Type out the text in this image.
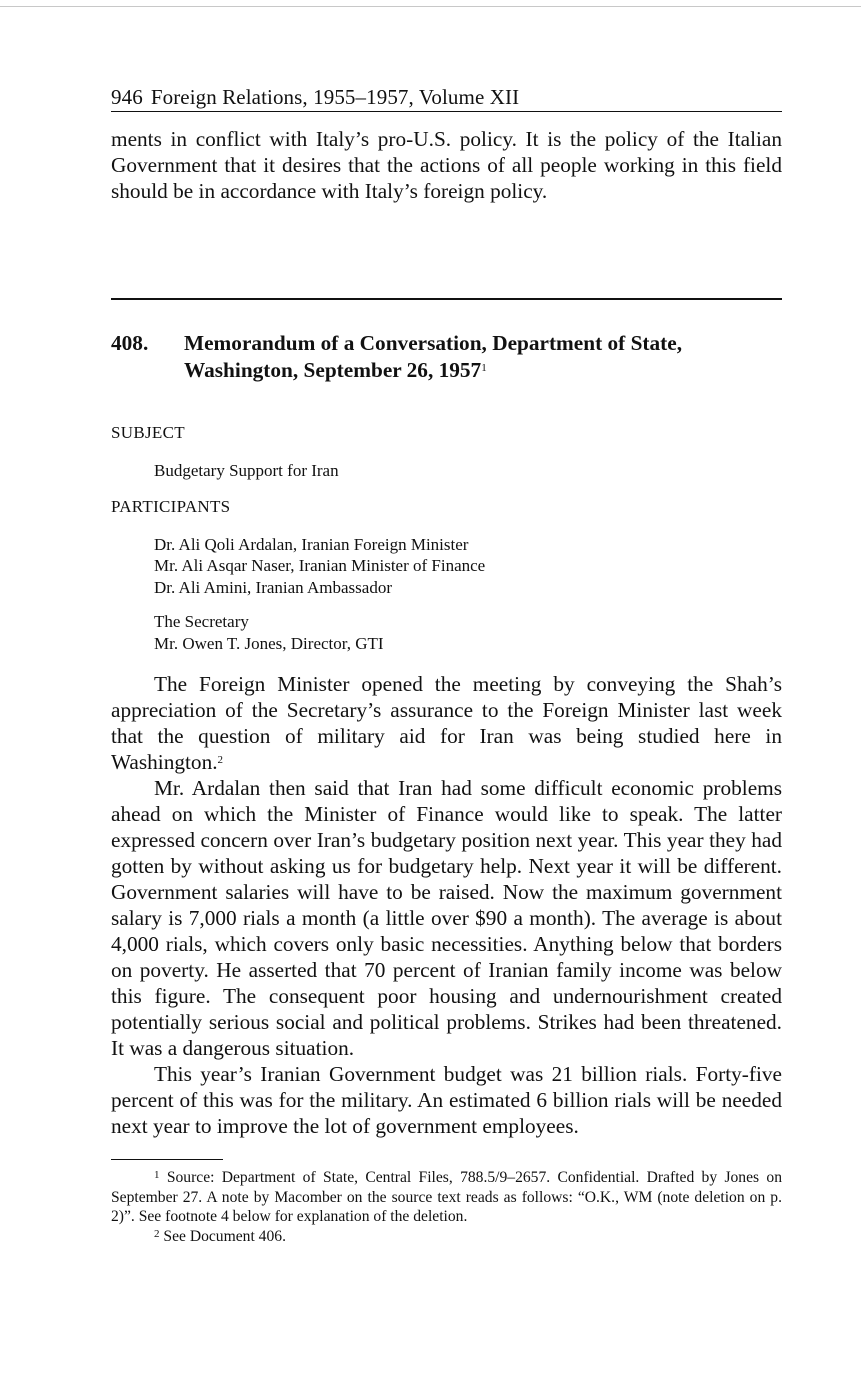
946 Foreign Relations, 1955–1957, Volume XII

ments in conflict with Italy’s pro-U.S. policy. It is the policy of the Italian Government that it desires that the actions of all people working in this field should be in accordance with Italy’s foreign policy.

408.	Memorandum of a Conversation, Department of State, Washington, September 26, 1957$^1$
SUBJECT
Budgetary Support for Iran
PARTICIPANTS
Dr. Ali Qoli Ardalan, Iranian Foreign Minister
Mr. Ali Asqar Naser, Iranian Minister of Finance
Dr. Ali Amini, Iranian Ambassador
The Secretary
Mr. Owen T. Jones, Director, GTI

The Foreign Minister opened the meeting by conveying the Shah’s appreciation of the Secretary’s assurance to the Foreign Minister last week that the question of military aid for Iran was being studied here in Washington.$^2$

Mr. Ardalan then said that Iran had some difficult economic problems ahead on which the Minister of Finance would like to speak. The latter expressed concern over Iran’s budgetary position next year. This year they had gotten by without asking us for budgetary help. Next year it will be different. Government salaries will have to be raised. Now the maximum government salary is 7,000 rials a month (a little over $90 a month). The average is about 4,000 rials, which covers only basic necessities. Anything below that borders on poverty. He asserted that 70 percent of Iranian family income was below this figure. The consequent poor housing and undernourishment created potentially serious social and political problems. Strikes had been threatened. It was a dangerous situation.

This year’s Iranian Government budget was 21 billion rials. Forty-five percent of this was for the military. An estimated 6 billion rials will be needed next year to improve the lot of government employees.

$^1$ Source: Department of State, Central Files, 788.5/9–2657. Confidential. Drafted by Jones on September 27. A note by Macomber on the source text reads as follows: “O.K., WM (note deletion on p. 2)”. See footnote 4 below for explanation of the deletion.

$^2$ See Document 406.
